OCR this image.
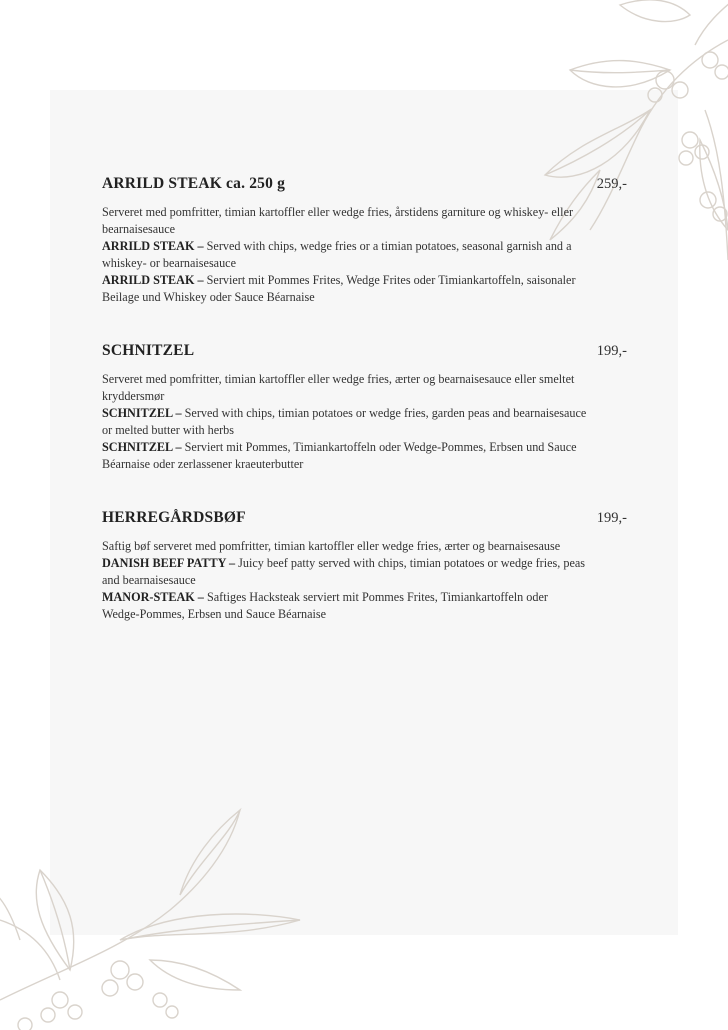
ARRILD STEAK ca. 250 g	259,-

Serveret med pomfritter, timian kartoffler eller wedge fries, årstidens garniture og whiskey- eller bearnaisesauce

ARRILD STEAK – Served with chips, wedge fries or a timian potatoes, seasonal garnish and a whiskey- or bearnaisesauce

ARRILD STEAK – Serviert mit Pommes Frites, Wedge Frites oder Timiankartoffeln, saisonaler Beilage und Whiskey oder Sauce Béarnaise

SCHNITZEL	199,-

Serveret med pomfritter, timian kartoffler eller wedge fries, ærter og bearnaisesauce eller smeltet kryddersmør

SCHNITZEL – Served with chips, timian potatoes or wedge fries, garden peas and bearnaisesauce or melted butter with herbs

SCHNITZEL – Serviert mit Pommes, Timiankartoffeln oder Wedge-Pommes, Erbsen und Sauce Béarnaise oder zerlassener kraeuterbutter

HERREGÅRDSBØF	199,-

Saftig bøf serveret med pomfritter, timian kartoffler eller wedge fries, ærter og bearnaisesause

DANISH BEEF PATTY – Juicy beef patty served with chips, timian potatoes or wedge fries, peas and bearnaisesauce

MANOR-STEAK – Saftiges Hacksteak serviert mit Pommes Frites, Timiankartoffeln oder Wedge-Pommes, Erbsen und Sauce Béarnaise
